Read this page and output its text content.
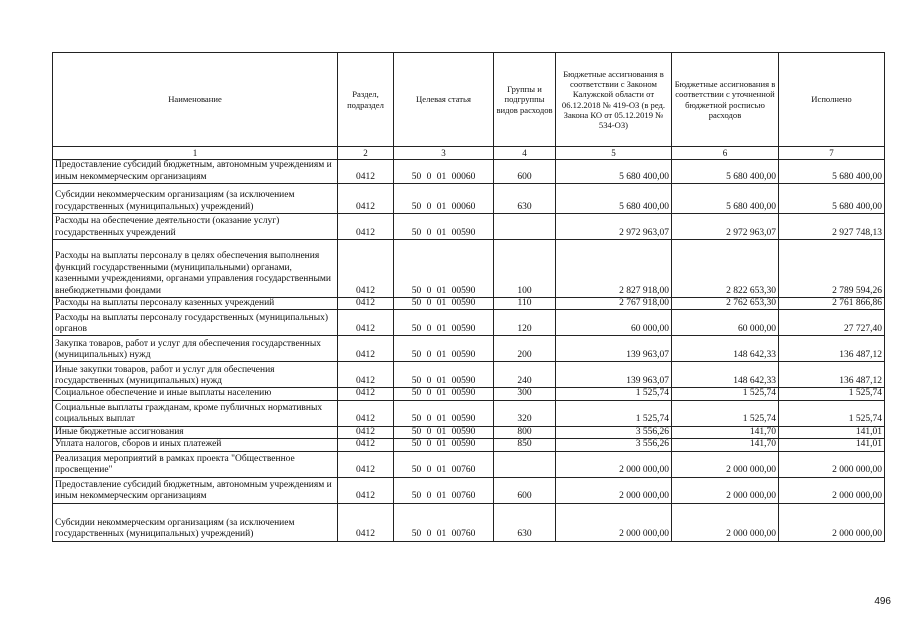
Наименование	Раздел, подраздел	Целевая статья	Группы и подгруппы видов расходов	Бюджетные ассигнования в соответствии с Законом Калужской области от 06.12.2018 № 419-ОЗ (в ред. Закона КО от 05.12.2019 № 534-ОЗ)	Бюджетные ассигнования в соответствии с уточненной бюджетной росписью расходов	Исполнено
1	2	3	4	5	6	7
Предоставление субсидий бюджетным, автономным учреждениям и иным некоммерческим организациям	0412	50 0 01 00060	600	5 680 400,00	5 680 400,00	5 680 400,00
Субсидии некоммерческим организациям (за исключением государственных (муниципальных) учреждений)	0412	50 0 01 00060	630	5 680 400,00	5 680 400,00	5 680 400,00
Расходы на обеспечение деятельности (оказание услуг) государственных учреждений	0412	50 0 01 00590		2 972 963,07	2 972 963,07	2 927 748,13
Расходы на выплаты персоналу в целях обеспечения выполнения функций государственными (муниципальными) органами, казенными учреждениями, органами управления государственными внебюджетными фондами	0412	50 0 01 00590	100	2 827 918,00	2 822 653,30	2 789 594,26
Расходы на выплаты персоналу казенных учреждений	0412	50 0 01 00590	110	2 767 918,00	2 762 653,30	2 761 866,86
Расходы на выплаты персоналу государственных (муниципальных) органов	0412	50 0 01 00590	120	60 000,00	60 000,00	27 727,40
Закупка товаров, работ и услуг для обеспечения государственных (муниципальных) нужд	0412	50 0 01 00590	200	139 963,07	148 642,33	136 487,12
Иные закупки товаров, работ и услуг для обеспечения государственных (муниципальных) нужд	0412	50 0 01 00590	240	139 963,07	148 642,33	136 487,12
Социальное обеспечение и иные выплаты населению	0412	50 0 01 00590	300	1 525,74	1 525,74	1 525,74
Социальные выплаты гражданам, кроме публичных нормативных социальных выплат	0412	50 0 01 00590	320	1 525,74	1 525,74	1 525,74
Иные бюджетные ассигнования	0412	50 0 01 00590	800	3 556,26	141,70	141,01
Уплата налогов, сборов и иных платежей	0412	50 0 01 00590	850	3 556,26	141,70	141,01
Реализация мероприятий в рамках проекта "Общественное просвещение"	0412	50 0 01 00760		2 000 000,00	2 000 000,00	2 000 000,00
Предоставление субсидий бюджетным, автономным учреждениям и иным некоммерческим организациям	0412	50 0 01 00760	600	2 000 000,00	2 000 000,00	2 000 000,00
Субсидии некоммерческим организациям (за исключением государственных (муниципальных) учреждений)	0412	50 0 01 00760	630	2 000 000,00	2 000 000,00	2 000 000,00
496
